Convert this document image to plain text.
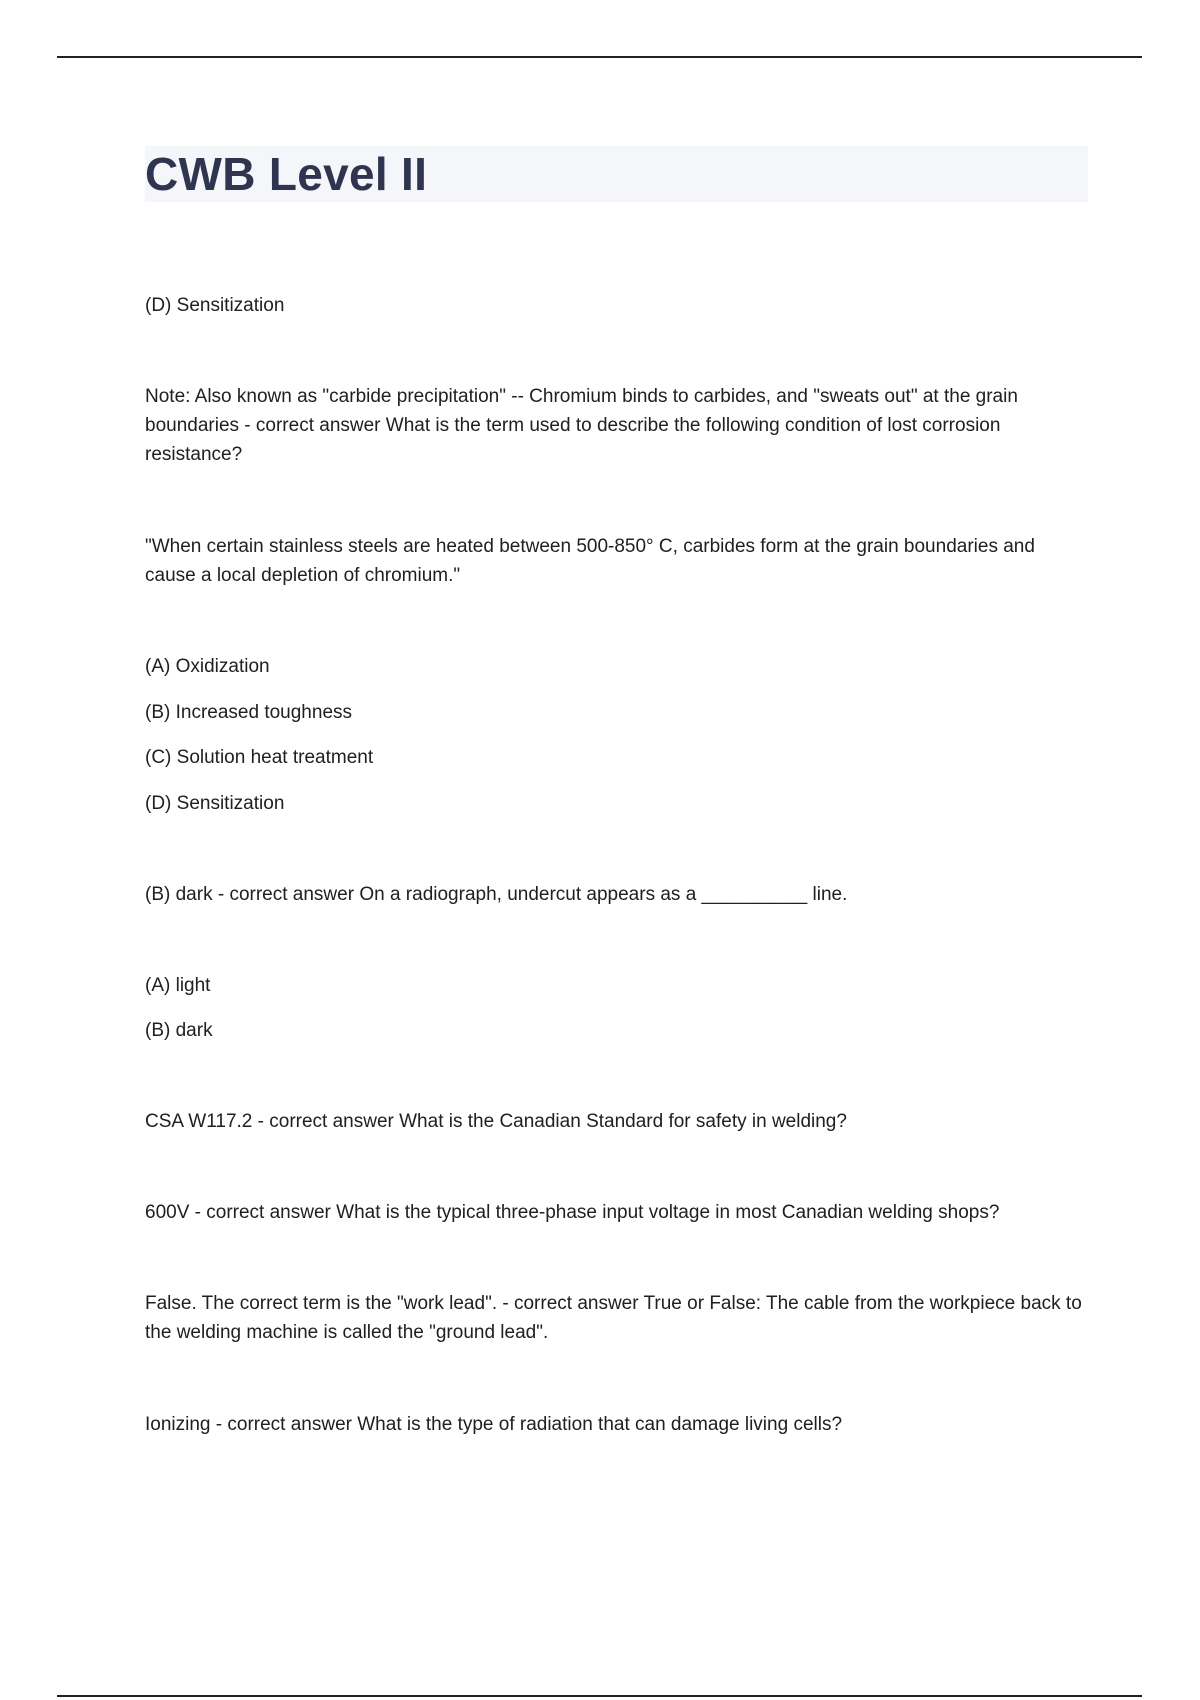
CWB Level II

(D) Sensitization

Note: Also known as "carbide precipitation" -- Chromium binds to carbides, and "sweats out" at the grain boundaries - correct answer What is the term used to describe the following condition of lost corrosion resistance?

"When certain stainless steels are heated between 500-850° C, carbides form at the grain boundaries and cause a local depletion of chromium."

(A) Oxidization

(B) Increased toughness

(C) Solution heat treatment

(D) Sensitization

(B) dark - correct answer On a radiograph, undercut appears as a __________ line.

(A) light

(B) dark

CSA W117.2 - correct answer What is the Canadian Standard for safety in welding?

600V - correct answer What is the typical three-phase input voltage in most Canadian welding shops?

False. The correct term is the "work lead". - correct answer True or False: The cable from the workpiece back to the welding machine is called the "ground lead".

Ionizing - correct answer What is the type of radiation that can damage living cells?
